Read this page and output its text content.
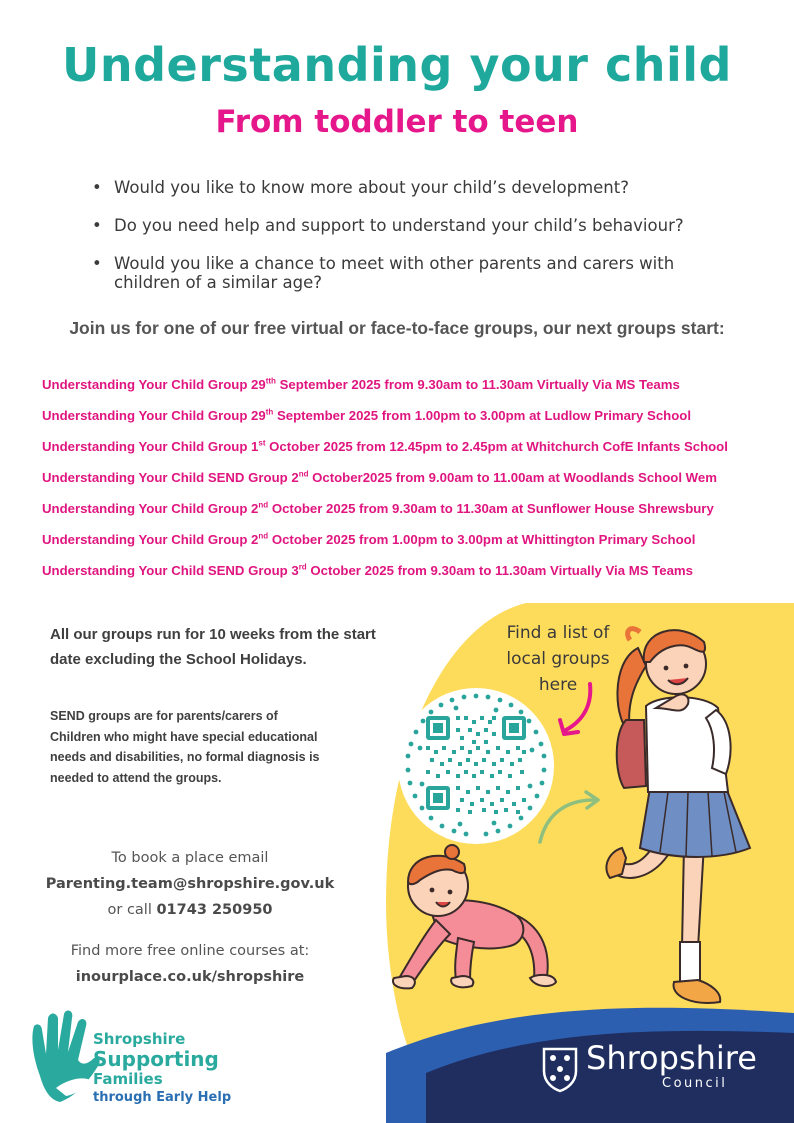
Understanding your child
From toddler to teen
• Would you like to know more about your child’s development?
• Do you need help and support to understand your child’s behaviour?
• Would you like a chance to meet with other parents and carers with children of a similar age?
Join us for one of our free virtual or face-to-face groups, our next groups start:
Understanding Your Child Group $29^{tth}$ September 2025 from 9.30am to 11.30am Virtually Via MS Teams
Understanding Your Child Group 29th September 2025 from 1.00pm to 3.00pm at Ludlow Primary School
Understanding Your Child Group 1st October 2025 from 12.45pm to 2.45pm at Whitchurch CofE Infants School
Understanding Your Child SEND Group 2nd October2025 from 9.00am to 11.00am at Woodlands School Wem
Understanding Your Child Group 2nd October 2025 from 9.30am to 11.30am at Sunflower House Shrewsbury
Understanding Your Child Group 2nd October 2025 from 1.00pm to 3.00pm at Whittington Primary School
Understanding Your Child SEND Group 3rd October 2025 from 9.30am to 11.30am Virtually Via MS Teams
All our groups run for 10 weeks from the start date excluding the School Holidays.
SEND groups are for parents/carers of Children who might have special educational needs and disabilities, no formal diagnosis is needed to attend the groups.
To book a place email
Parenting.team@shropshire.gov.uk
or call 01743 250950
Find more free online courses at:
inourplace.co.uk/shropshire
Find a list of
local groups
here
Shropshire
Supporting
Families
through Early Help
Shropshire
Council
